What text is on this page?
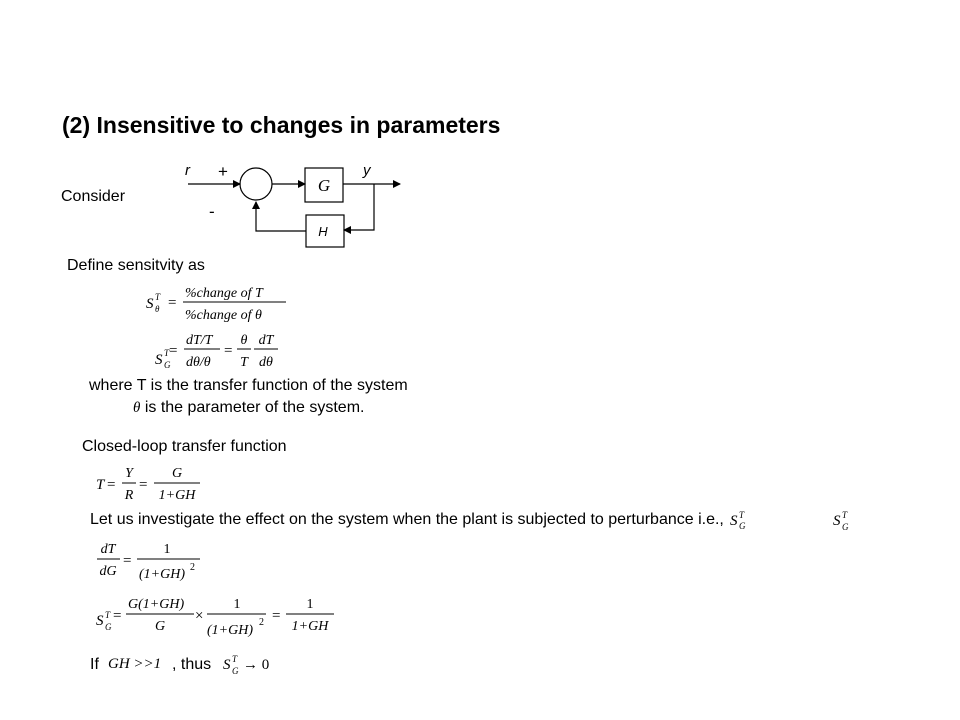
(2) Insensitive to changes in parameters
Consider
r +
-
y
G
H
Define sensitvity as
S T
θ =
%change of T
%change of θ
S T
G
=
dT/T
dθ/θ
=
θ
T
dT
dθ
where T is the transfer function of the system
θ is the parameter of the system.
Closed-loop transfer function
T =
Y
R
=
G
1+GH
Let us investigate the effect on the system when the plant is subjected to perturbance i.e., S T
G	S T
G
dT
dG
=
1
(1+GH) 2
S T
G
=
G(1+GH)
G
×
1
(1+GH)
2 =
1
1+GH
If GH >>1 , thus S T
G → 0
